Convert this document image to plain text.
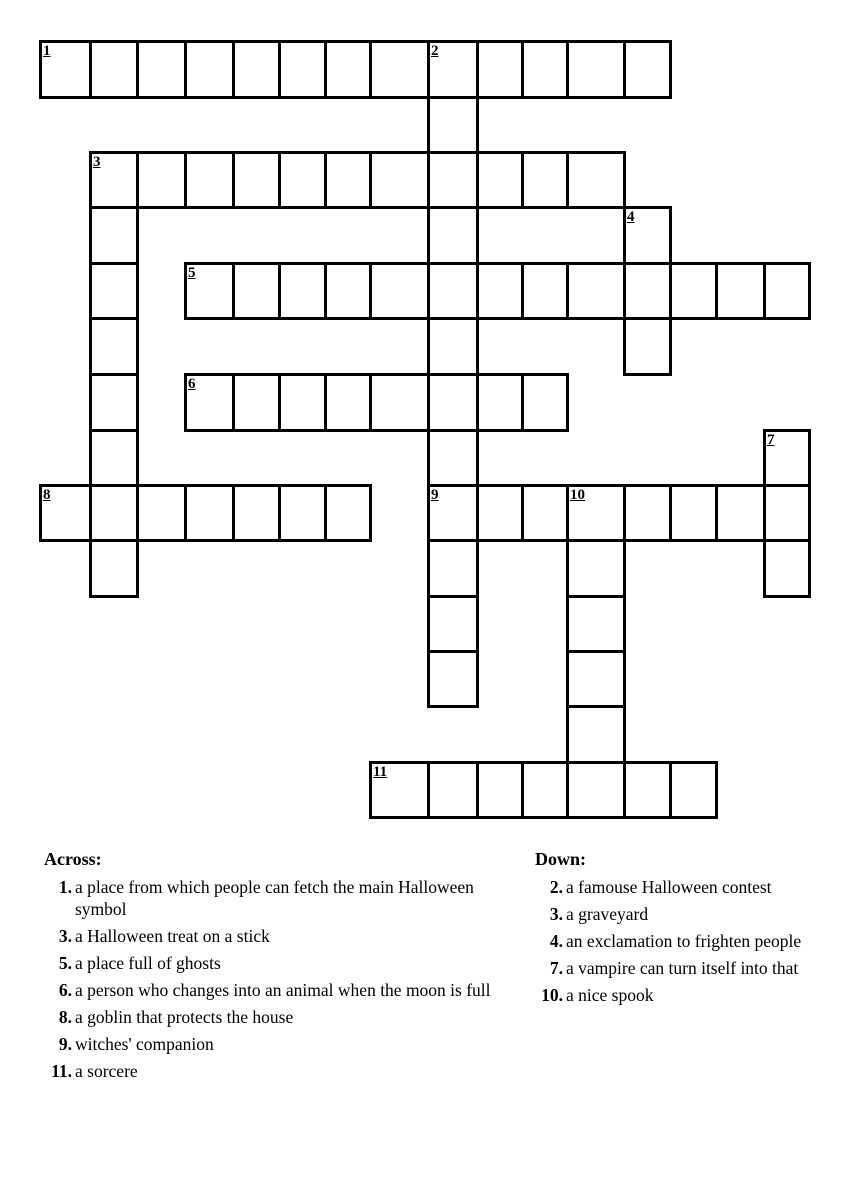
1	2
9
3
4
5
6
7
8	10
11
Across:
1. a place from which people can fetch the main Halloween symbol
3. a Halloween treat on a stick
5. a place full of ghosts
6. a person who changes into an animal when the moon is full
8. a goblin that protects the house
9. witches' companion
11. a sorcere
Down:
2. a famouse Halloween contest
3. a graveyard
4. an exclamation to frighten people
7. a vampire can turn itself into that
10. a nice spook
